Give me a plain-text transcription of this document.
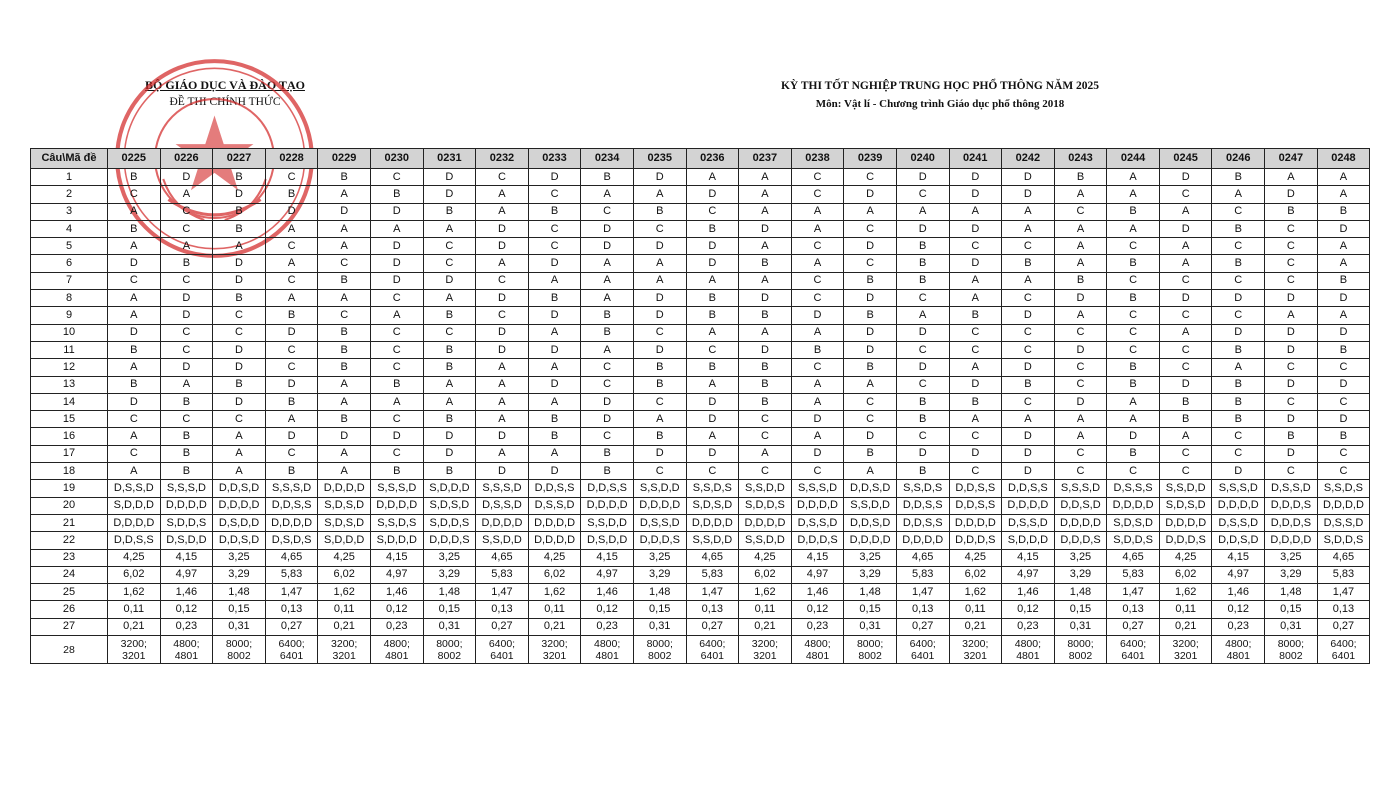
BỘ GIÁO DỤC VÀ ĐÀO TẠO
ĐỀ THI CHÍNH THỨC
KỲ THI TỐT NGHIỆP TRUNG HỌC PHỔ THÔNG NĂM 2025
Môn: Vật lí - Chương trình Giáo dục phổ thông 2018
Câu\Mã đề	0225	0226	0227	0228	0229	0230	0231	0232	0233	0234	0235	0236	0237	0238	0239	0240	0241	0242	0243	0244	0245	0246	0247	0248
1	B	D	B	C	B	C	D	C	D	B	D	A	A	C	C	D	D	D	B	A	D	B	A	A
2	C	A	D	B	A	B	D	A	C	A	A	D	A	C	D	C	D	D	A	A	C	A	D	A
3	A	C	B	D	D	D	B	A	B	C	B	C	A	A	A	A	A	A	C	B	A	C	B	B
4	B	C	B	A	A	A	A	D	C	D	C	B	D	A	C	D	D	A	A	A	D	B	C	D
5	A	A	A	C	A	D	C	D	C	D	D	D	A	C	D	B	C	C	A	C	A	C	C	A
6	D	B	D	A	C	D	C	A	D	A	A	D	B	A	C	B	D	B	A	B	A	B	C	A
7	C	C	D	C	B	D	D	C	A	A	A	A	A	C	B	B	A	A	B	C	C	C	C	B
8	A	D	B	A	A	C	A	D	B	A	D	B	D	C	D	C	A	C	D	B	D	D	D	D
9	A	D	C	B	C	A	B	C	D	B	D	B	B	D	B	A	B	D	A	C	C	C	A	A
10	D	C	C	D	B	C	C	D	A	B	C	A	A	A	D	D	C	C	C	C	A	D	D	D
11	B	C	D	C	B	C	B	D	D	A	D	C	D	B	D	C	C	C	D	C	C	B	D	B
12	A	D	D	C	B	C	B	A	A	C	B	B	B	C	B	D	A	D	C	B	C	A	C	C
13	B	A	B	D	A	B	A	A	D	C	B	A	B	A	A	C	D	B	C	B	D	B	D	D
14	D	B	D	B	A	A	A	A	A	D	C	D	B	A	C	B	B	C	D	A	B	B	C	C
15	C	C	C	A	B	C	B	A	B	D	A	D	C	D	C	B	A	A	A	A	B	B	D	D
16	A	B	A	D	D	D	D	D	B	C	B	A	C	A	D	C	C	D	A	D	A	C	B	B
17	C	B	A	C	A	C	D	A	A	B	D	D	A	D	B	D	D	D	C	B	C	C	D	C
18	A	B	A	B	A	B	B	D	D	B	C	C	C	C	A	B	C	D	C	C	C	D	C	C
19	D,S,S,D	S,S,S,D	D,D,S,D	S,S,S,D	D,D,D,D	S,S,S,D	S,D,D,D	S,S,S,D	D,D,S,S	D,D,S,S	S,S,D,D	S,S,D,S	S,S,D,D	S,S,S,D	D,D,S,D	S,S,D,S	D,D,S,S	D,D,S,S	S,S,S,D	D,S,S,S	S,S,D,D	S,S,S,D	D,S,S,D	S,S,D,S
20	S,D,D,D	D,D,D,D	D,D,D,D	D,D,S,S	S,D,S,D	D,D,D,D	S,D,S,D	D,S,S,D	D,S,S,D	D,D,D,D	D,D,D,D	S,D,S,D	S,D,D,S	D,D,D,D	S,S,D,D	D,D,S,S	D,D,S,S	D,D,D,D	D,D,S,D	D,D,D,D	S,D,S,D	D,D,D,D	D,D,D,S	D,D,D,D
21	D,D,D,D	S,D,D,S	D,S,D,D	D,D,D,D	S,D,S,D	S,S,D,S	S,D,D,S	D,D,D,D	D,D,D,D	S,S,D,D	D,S,S,D	D,D,D,D	D,D,D,D	D,S,S,D	D,D,S,D	D,D,S,S	D,D,D,D	D,S,S,D	D,D,D,D	S,D,S,D	D,D,D,D	D,S,S,D	D,D,D,S	D,S,S,D
22	D,D,S,S	D,S,D,D	D,D,S,D	D,S,D,S	S,D,D,D	S,D,D,D	D,D,D,S	S,S,D,D	D,D,D,D	D,S,D,D	D,D,D,S	S,S,D,D	S,S,D,D	D,D,D,S	D,D,D,D	D,D,D,D	D,D,D,S	S,D,D,D	D,D,D,S	S,D,D,S	D,D,D,S	D,D,S,D	D,D,D,D	S,D,D,S
23	4,25	4,15	3,25	4,65	4,25	4,15	3,25	4,65	4,25	4,15	3,25	4,65	4,25	4,15	3,25	4,65	4,25	4,15	3,25	4,65	4,25	4,15	3,25	4,65
24	6,02	4,97	3,29	5,83	6,02	4,97	3,29	5,83	6,02	4,97	3,29	5,83	6,02	4,97	3,29	5,83	6,02	4,97	3,29	5,83	6,02	4,97	3,29	5,83
25	1,62	1,46	1,48	1,47	1,62	1,46	1,48	1,47	1,62	1,46	1,48	1,47	1,62	1,46	1,48	1,47	1,62	1,46	1,48	1,47	1,62	1,46	1,48	1,47
26	0,11	0,12	0,15	0,13	0,11	0,12	0,15	0,13	0,11	0,12	0,15	0,13	0,11	0,12	0,15	0,13	0,11	0,12	0,15	0,13	0,11	0,12	0,15	0,13
27	0,21	0,23	0,31	0,27	0,21	0,23	0,31	0,27	0,21	0,23	0,31	0,27	0,21	0,23	0,31	0,27	0,21	0,23	0,31	0,27	0,21	0,23	0,31	0,27
28	3200; 3201	4800; 4801	8000; 8002	6400; 6401	3200; 3201	4800; 4801	8000; 8002	6400; 6401	3200; 3201	4800; 4801	8000; 8002	6400; 6401	3200; 3201	4800; 4801	8000; 8002	6400; 6401	3200; 3201	4800; 4801	8000; 8002	6400; 6401	3200; 3201	4800; 4801	8000; 8002	6400; 6401
